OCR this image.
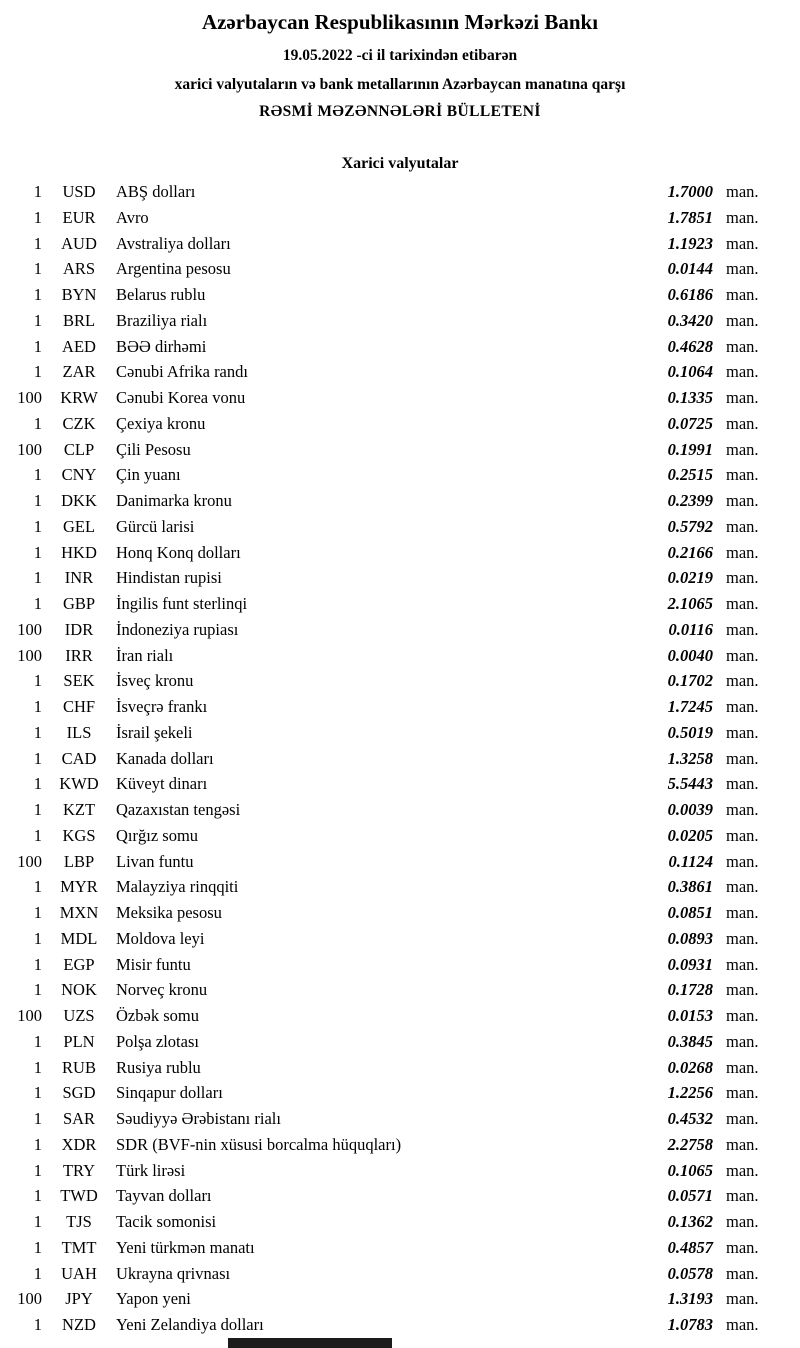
Azərbaycan Respublikasının Mərkəzi Bankı
19.05.2022 -ci il tarixindən etibarən
xarici valyutaların və bank metallarının Azərbaycan manatına qarşı
RƏSMİ MƏZƏNNƏLƏRİ BÜLLETENİ
Xarici valyutalar
1	USD	ABŞ dolları	1.7000 man.
1	EUR	Avro	1.7851 man.
1	AUD	Avstraliya dolları	1.1923 man.
1	ARS	Argentina pesosu	0.0144 man.
1	BYN	Belarus rublu	0.6186 man.
1	BRL	Braziliya rialı	0.3420 man.
1	AED	BƏƏ dirhəmi	0.4628 man.
1	ZAR	Cənubi Afrika randı	0.1064 man.
100	KRW	Cənubi Korea vonu	0.1335 man.
1	CZK	Çexiya kronu	0.0725 man.
100	CLP	Çili Pesosu	0.1991 man.
1	CNY	Çin yuanı	0.2515 man.
1	DKK	Danimarka kronu	0.2399 man.
1	GEL	Gürcü larisi	0.5792 man.
1	HKD	Honq Konq dolları	0.2166 man.
1	INR	Hindistan rupisi	0.0219 man.
1	GBP	İngilis funt sterlinqi	2.1065 man.
100	IDR	İndoneziya rupiası	0.0116 man.
100	IRR	İran rialı	0.0040 man.
1	SEK	İsveç kronu	0.1702 man.
1	CHF	İsveçrə frankı	1.7245 man.
1	ILS	İsrail şekeli	0.5019 man.
1	CAD	Kanada dolları	1.3258 man.
1	KWD	Küveyt dinarı	5.5443 man.
1	KZT	Qazaxıstan tengəsi	0.0039 man.
1	KGS	Qırğız somu	0.0205 man.
100	LBP	Livan funtu	0.1124 man.
1	MYR	Malayziya rinqqiti	0.3861 man.
1	MXN	Meksika pesosu	0.0851 man.
1	MDL	Moldova leyi	0.0893 man.
1	EGP	Misir funtu	0.0931 man.
1	NOK	Norveç kronu	0.1728 man.
100	UZS	Özbək somu	0.0153 man.
1	PLN	Polşa zlotası	0.3845 man.
1	RUB	Rusiya rublu	0.0268 man.
1	SGD	Sinqapur dolları	1.2256 man.
1	SAR	Səudiyyə Ərəbistanı rialı	0.4532 man.
1	XDR	SDR (BVF-nin xüsusi borcalma hüquqları)	2.2758 man.
1	TRY	Türk lirəsi	0.1065 man.
1	TWD	Tayvan dolları	0.0571 man.
1	TJS	Tacik somonisi	0.1362 man.
1	TMT	Yeni türkmən manatı	0.4857 man.
1	UAH	Ukrayna qrivnası	0.0578 man.
100	JPY	Yapon yeni	1.3193 man.
1	NZD	Yeni Zelandiya dolları	1.0783 man.
